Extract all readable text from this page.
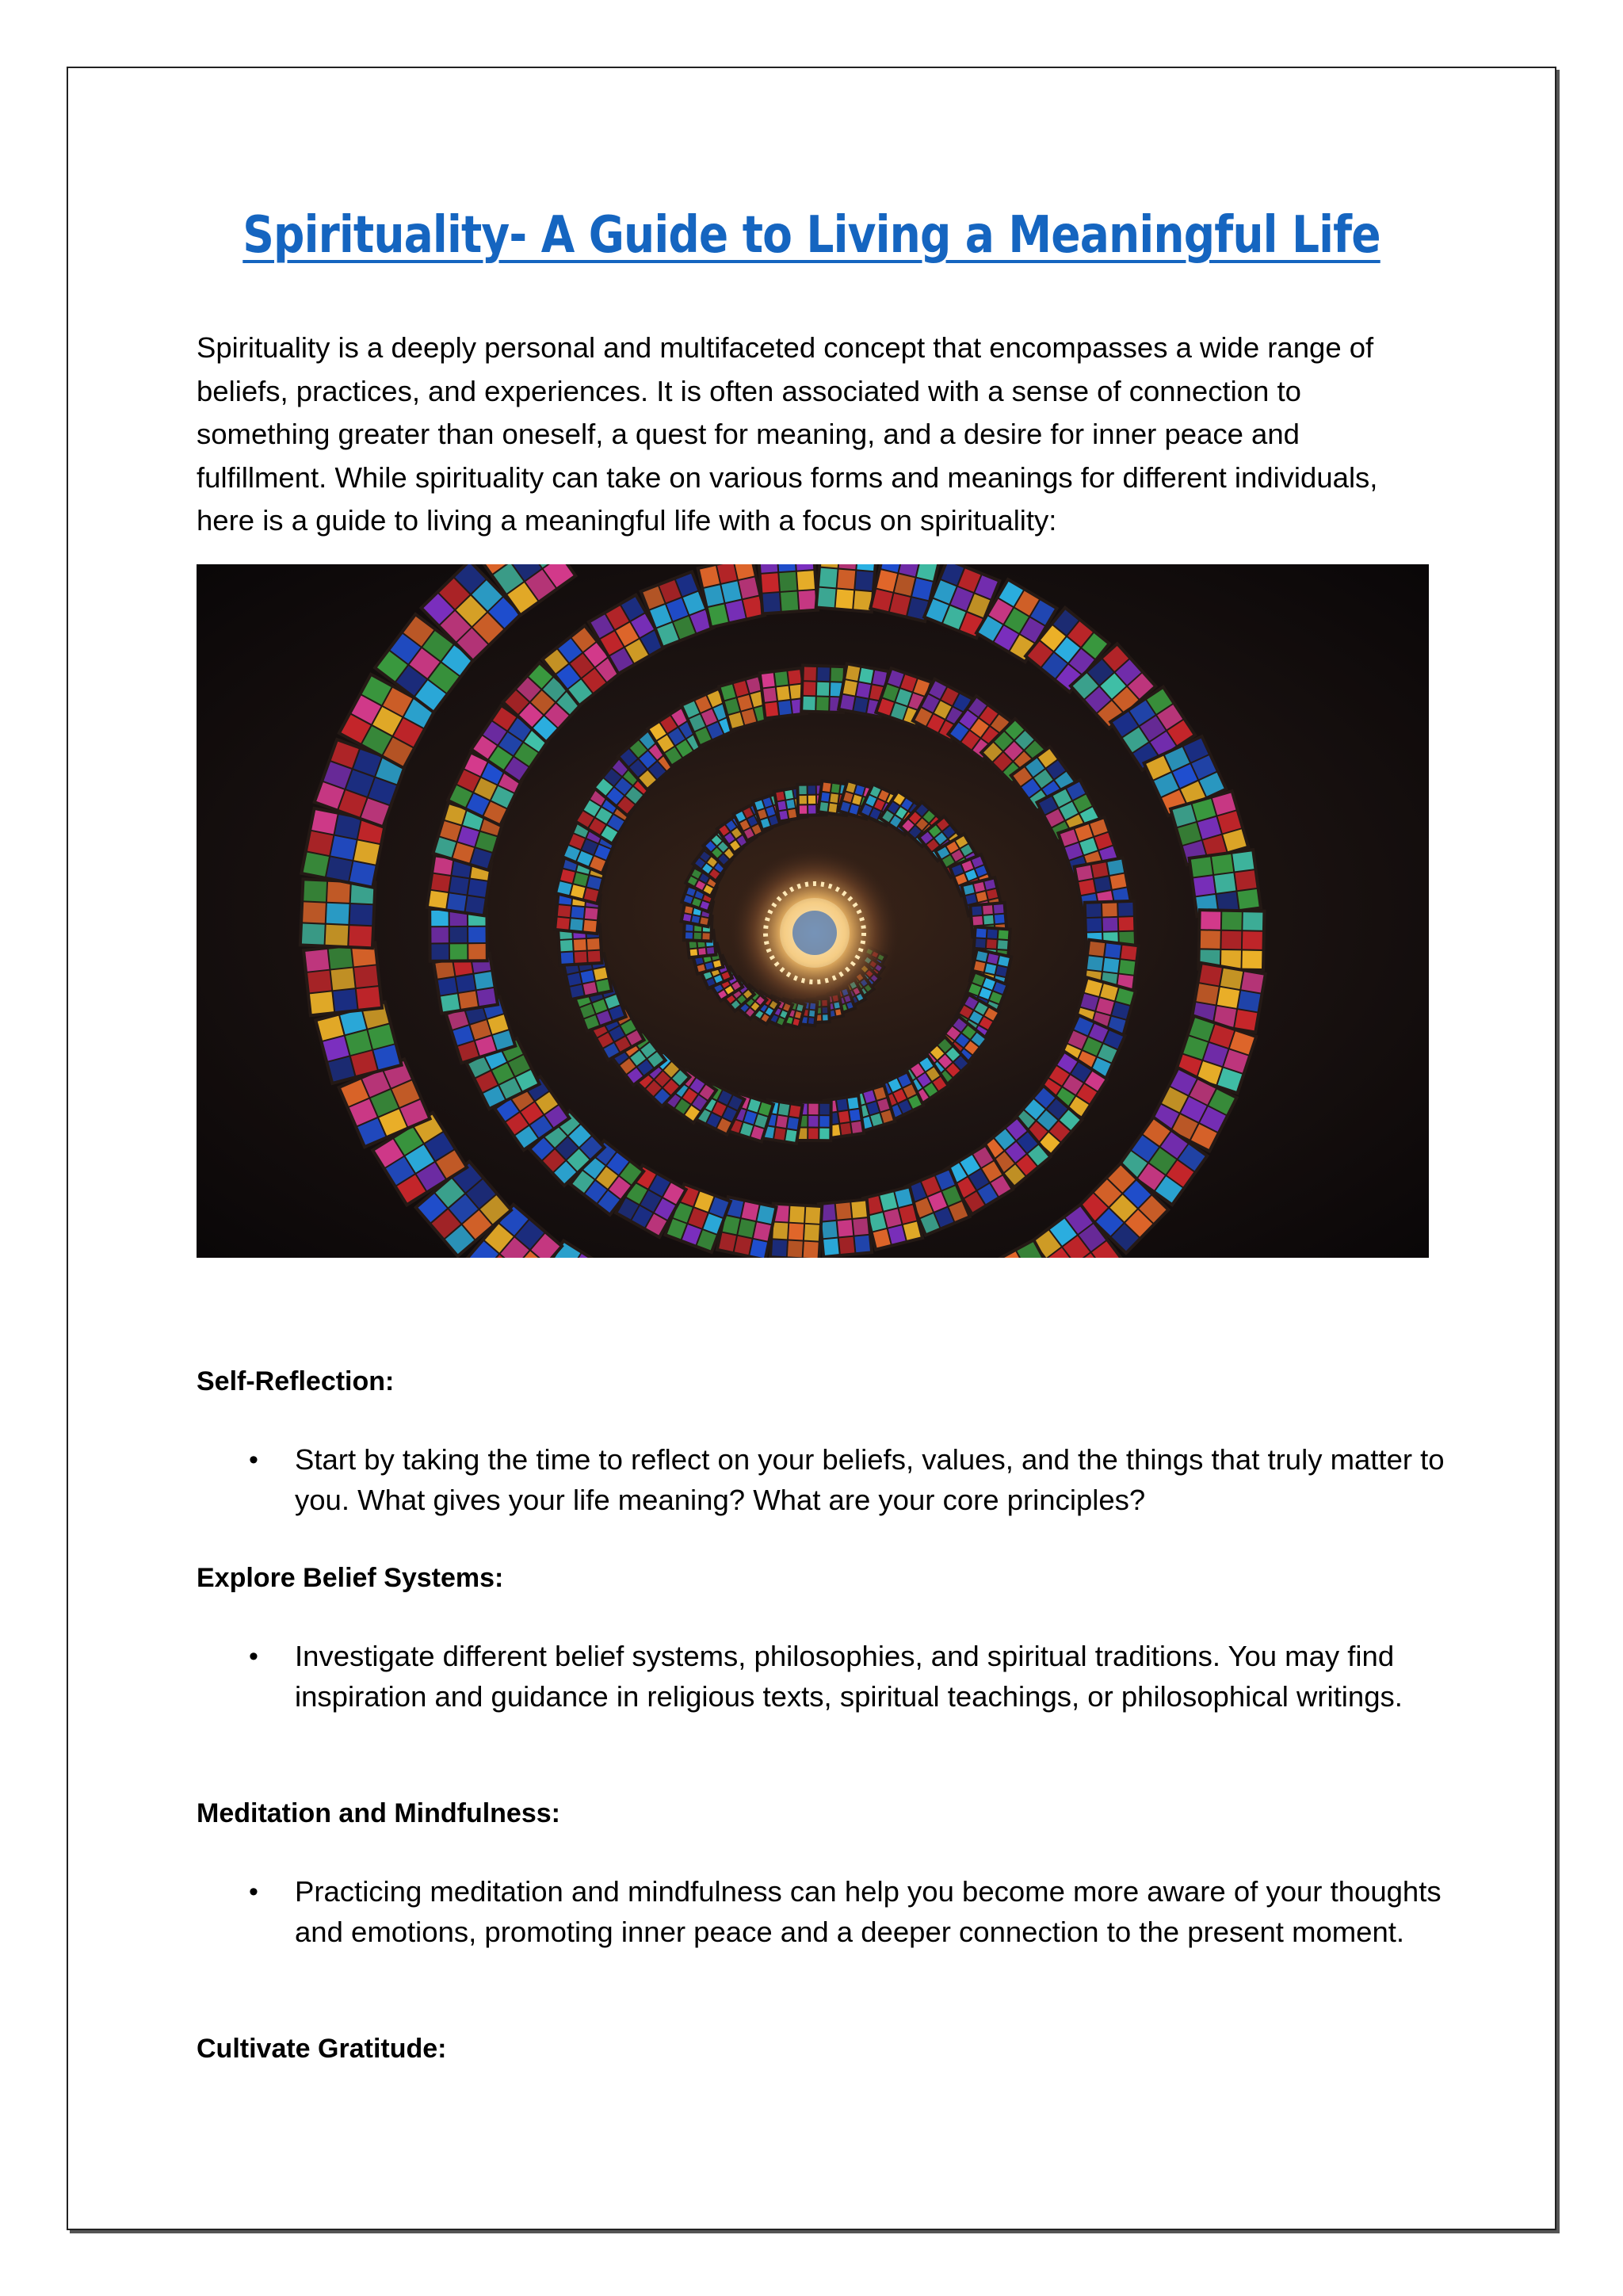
Spirituality- A Guide to Living a Meaningful Life

Spirituality is a deeply personal and multifaceted concept that encompasses a wide range of beliefs, practices, and experiences. It is often associated with a sense of connection to something greater than oneself, a quest for meaning, and a desire for inner peace and fulfillment. While spirituality can take on various forms and meanings for different individuals, here is a guide to living a meaningful life with a focus on spirituality:

Self-Reflection:
• Start by taking the time to reflect on your beliefs, values, and the things that truly matter to you. What gives your life meaning? What are your core principles?

Explore Belief Systems:
• Investigate different belief systems, philosophies, and spiritual traditions. You may find inspiration and guidance in religious texts, spiritual teachings, or philosophical writings.

Meditation and Mindfulness:
• Practicing meditation and mindfulness can help you become more aware of your thoughts and emotions, promoting inner peace and a deeper connection to the present moment.

Cultivate Gratitude:
